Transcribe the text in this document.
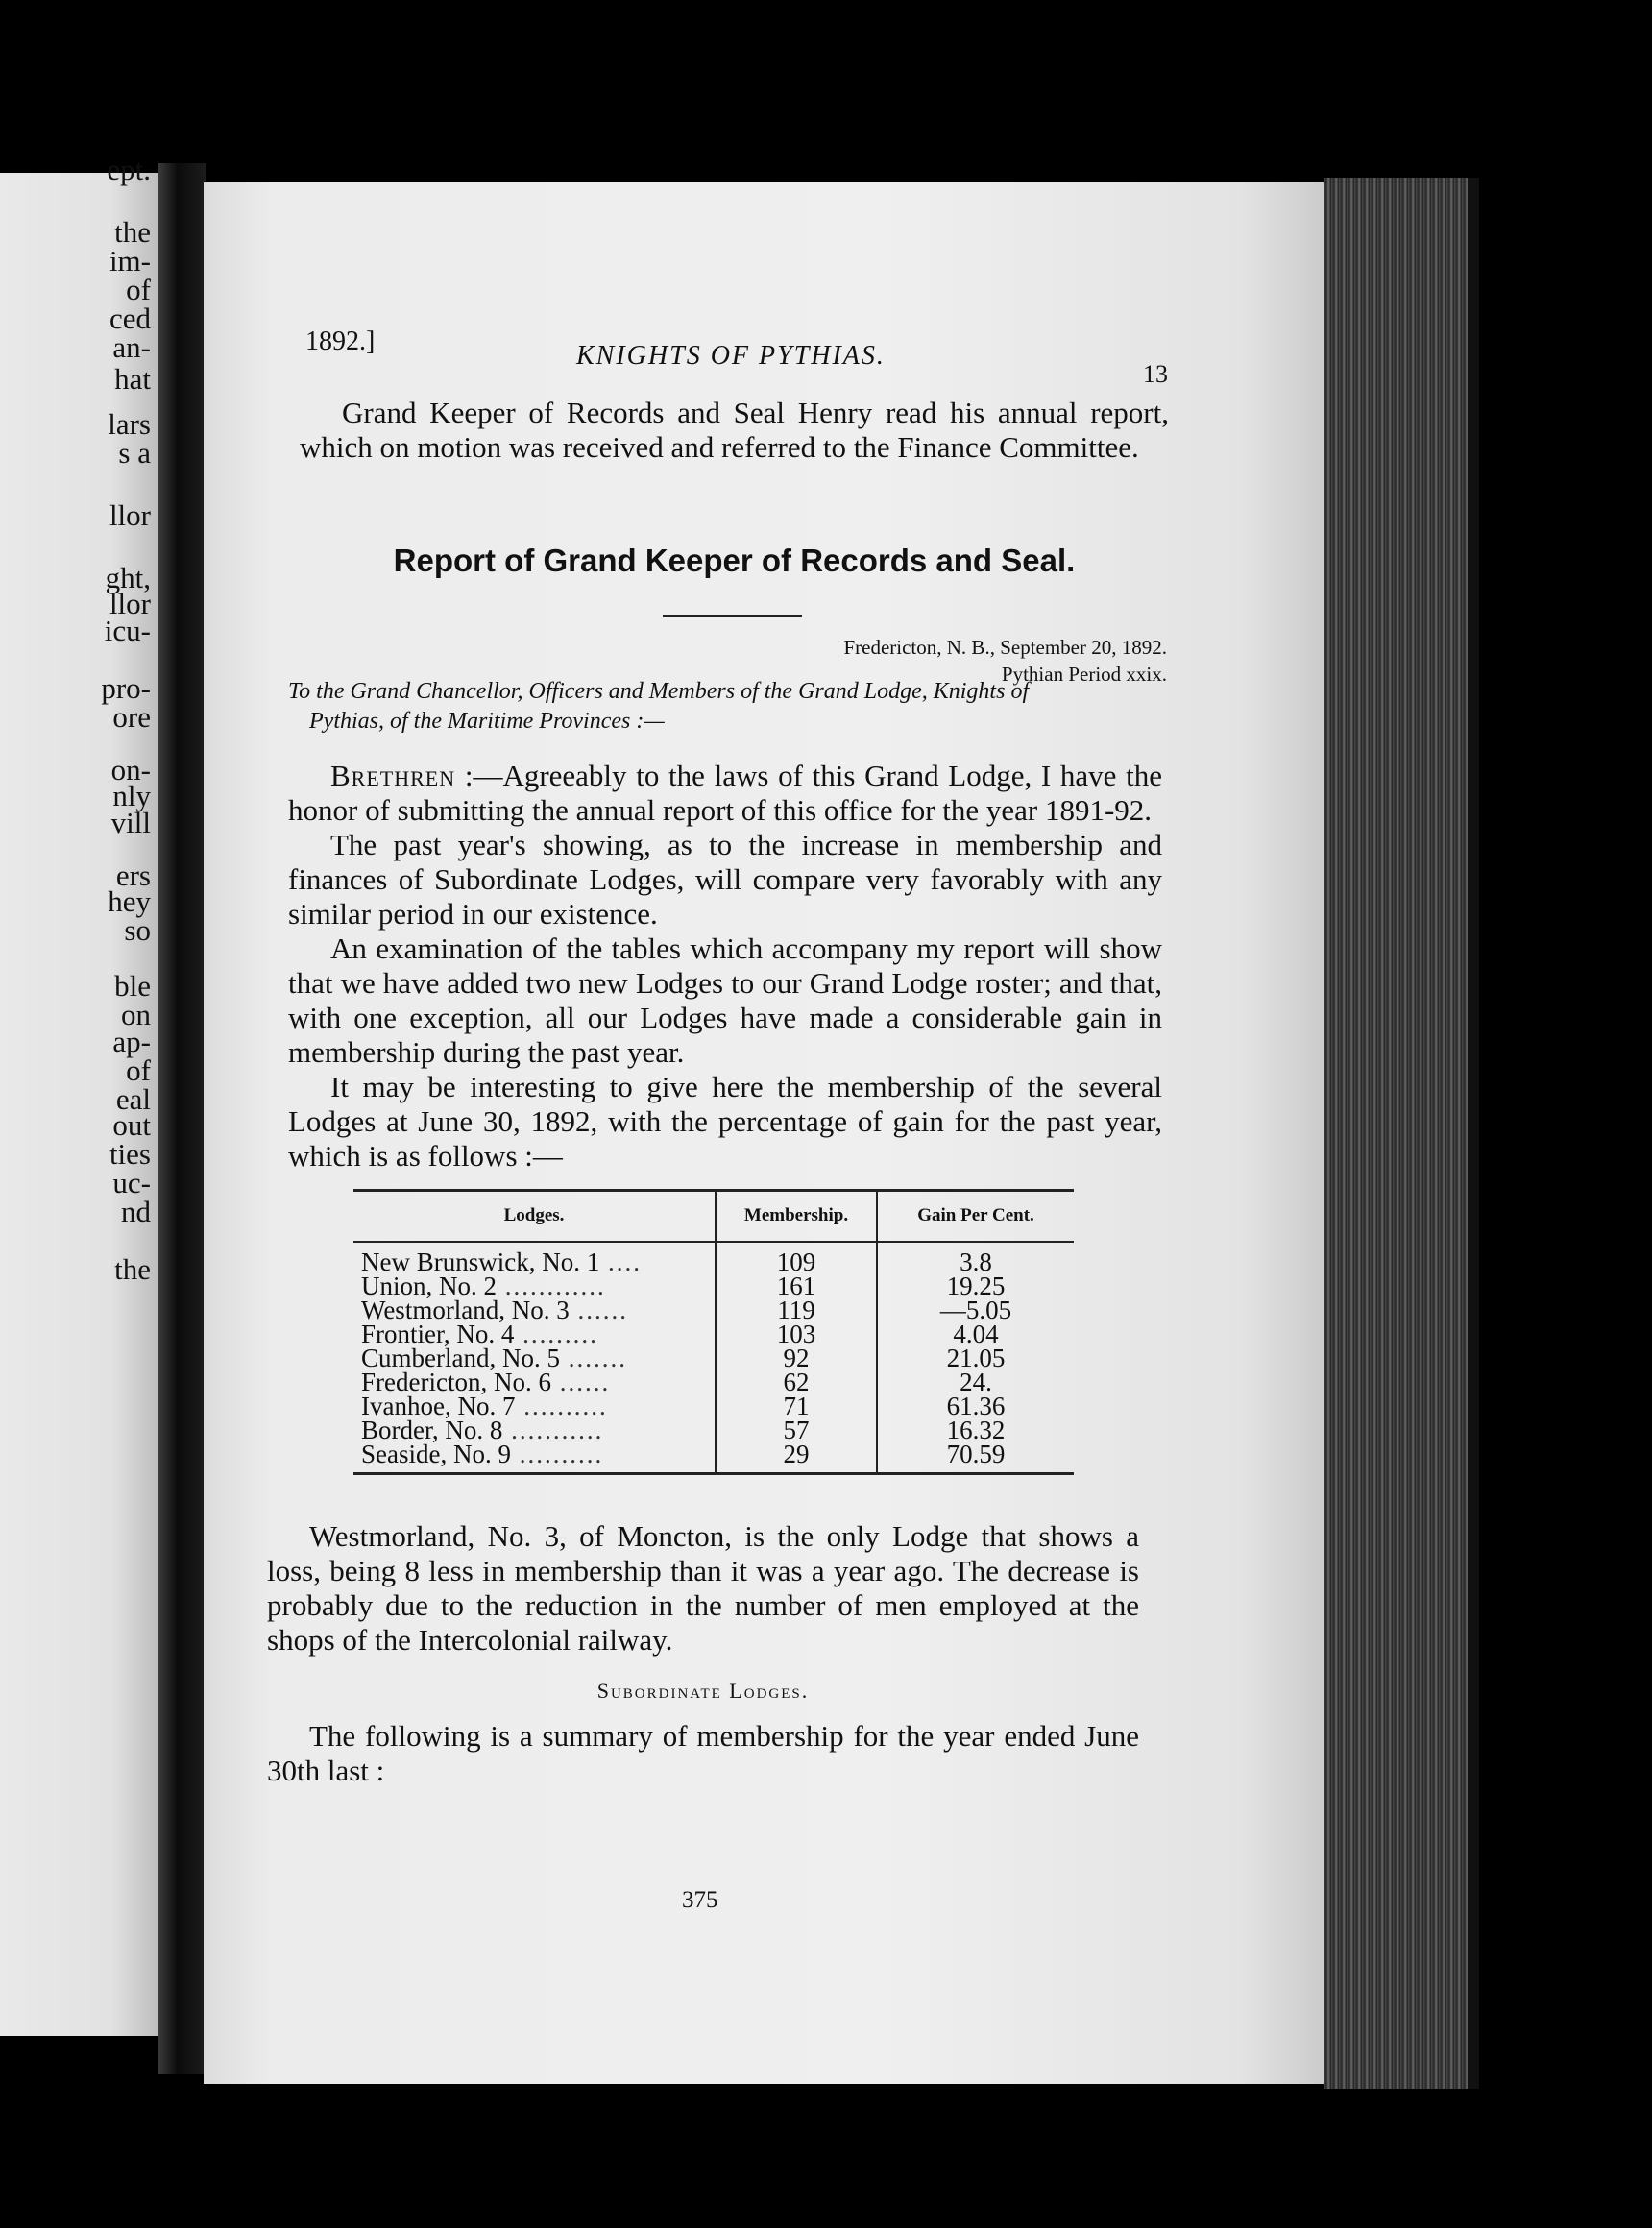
ept.
the
im-
of
ced
an-
hat
lars
s a
llor
ght,
llor
icu-
pro-
ore
on-
nly
vill
ers
hey
so
ble
on
ap-
of
eal
out
ties
uc-
nd
the
1892.]	KNIGHTS OF PYTHIAS.
13

Grand Keeper of Records and Seal Henry read his annual report, which on motion was received and referred to the Finance Committee.

Report of Grand Keeper of Records and Seal.
Fredericton, N. B., September 20, 1892.
Pythian Period xxix.
To the Grand Chancellor, Officers and Members of the Grand Lodge, Knights of
Pythias, of the Maritime Provinces :—

Brethren :—Agreeably to the laws of this Grand Lodge, I have the honor of submitting the annual report of this office for the year 1891-92.

The past year's showing, as to the increase in membership and finances of Subordinate Lodges, will compare very favorably with any similar period in our existence.

An examination of the tables which accompany my report will show that we have added two new Lodges to our Grand Lodge roster; and that, with one exception, all our Lodges have made a considerable gain in membership during the past year.

It may be interesting to give here the membership of the several Lodges at June 30, 1892, with the percentage of gain for the past year, which is as follows :—

Lodges.	Membership.	Gain Per Cent.
New Brunswick, No. 1 ....	109	3.8
Union, No. 2 ............	161	19.25
Westmorland, No. 3 ......	119	—5.05
Frontier, No. 4 .........	103	4.04
Cumberland, No. 5 .......	92	21.05
Fredericton, No. 6 ......	62	24.
Ivanhoe, No. 7 ..........	71	61.36
Border, No. 8 ...........	57	16.32
Seaside, No. 9 ..........	29	70.59

Westmorland, No. 3, of Moncton, is the only Lodge that shows a loss, being 8 less in membership than it was a year ago. The decrease is probably due to the reduction in the number of men employed at the shops of the Intercolonial railway.

Subordinate Lodges.

The following is a summary of membership for the year ended June 30th last :

375
